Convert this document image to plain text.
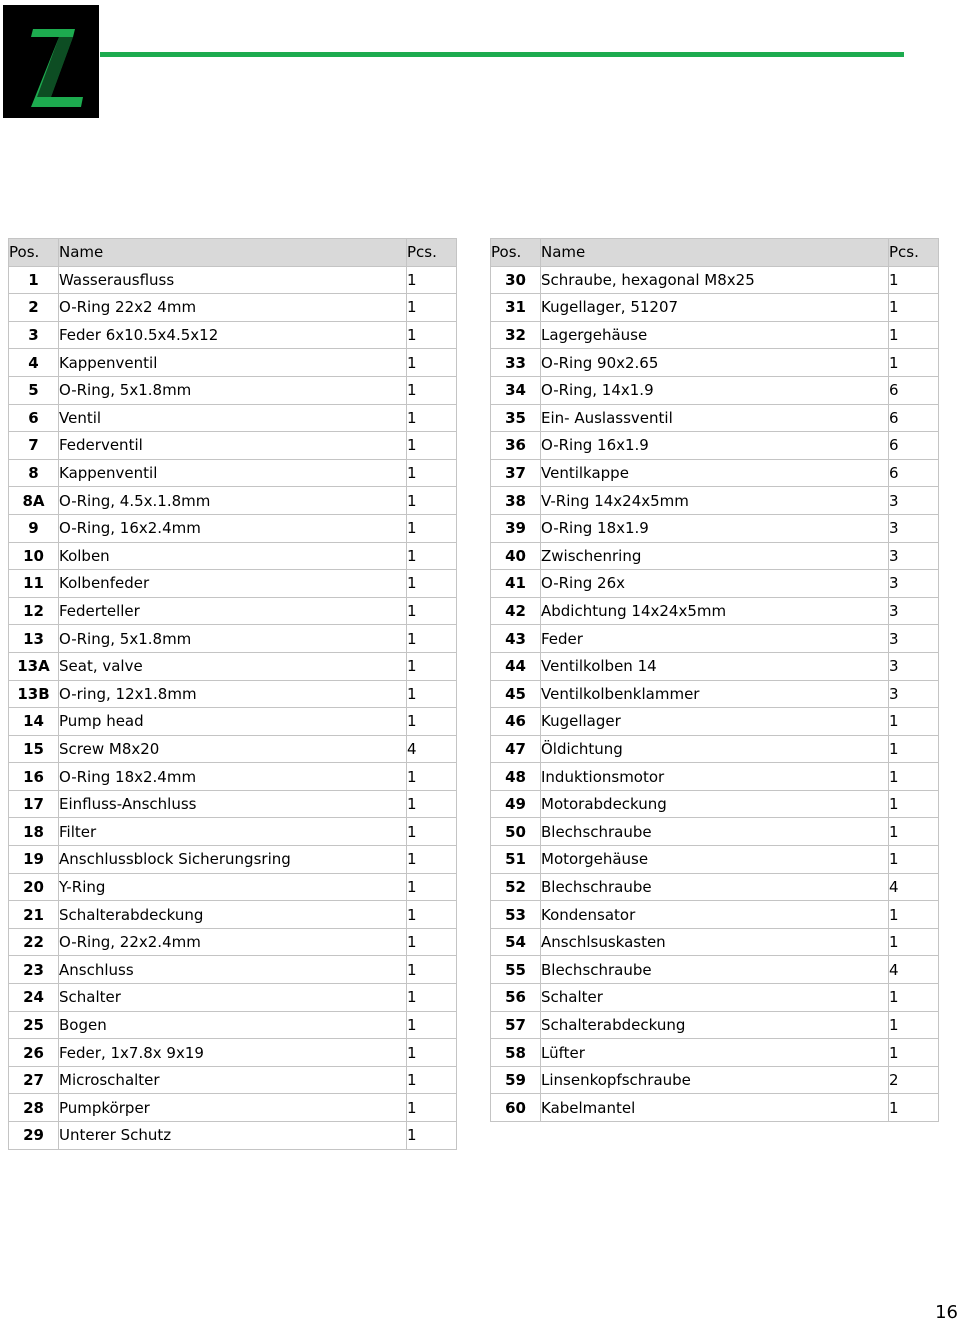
Pos.	Name	Pcs.
1	Wasserausfluss	1
2	O-Ring 22x2 4mm	1
3	Feder 6x10.5x4.5x12	1
4	Kappenventil	1
5	O-Ring, 5x1.8mm	1
6	Ventil	1
7	Federventil	1
8	Kappenventil	1
8A	O-Ring, 4.5x.1.8mm	1
9	O-Ring, 16x2.4mm	1
10	Kolben	1
11	Kolbenfeder	1
12	Federteller	1
13	O-Ring, 5x1.8mm	1
13A	Seat, valve	1
13B	O-ring, 12x1.8mm	1
14	Pump head	1
15	Screw M8x20	4
16	O-Ring 18x2.4mm	1
17	Einfluss-Anschluss	1
18	Filter	1
19	Anschlussblock Sicherungsring	1
20	Y-Ring	1
21	Schalterabdeckung	1
22	O-Ring, 22x2.4mm	1
23	Anschluss	1
24	Schalter	1
25	Bogen	1
26	Feder, 1x7.8x 9x19	1
27	Microschalter	1
28	Pumpkörper	1
29	Unterer Schutz	1
Pos.	Name	Pcs.
30	Schraube, hexagonal M8x25	1
31	Kugellager, 51207	1
32	Lagergehäuse	1
33	O-Ring 90x2.65	1
34	O-Ring, 14x1.9	6
35	Ein- Auslassventil	6
36	O-Ring 16x1.9	6
37	Ventilkappe	6
38	V-Ring 14x24x5mm	3
39	O-Ring 18x1.9	3
40	Zwischenring	3
41	O-Ring 26x	3
42	Abdichtung 14x24x5mm	3
43	Feder	3
44	Ventilkolben 14	3
45	Ventilkolbenklammer	3
46	Kugellager	1
47	Öldichtung	1
48	Induktionsmotor	1
49	Motorabdeckung	1
50	Blechschraube	1
51	Motorgehäuse	1
52	Blechschraube	4
53	Kondensator	1
54	Anschlsuskasten	1
55	Blechschraube	4
56	Schalter	1
57	Schalterabdeckung	1
58	Lüfter	1
59	Linsenkopfschraube	2
60	Kabelmantel	1
16
